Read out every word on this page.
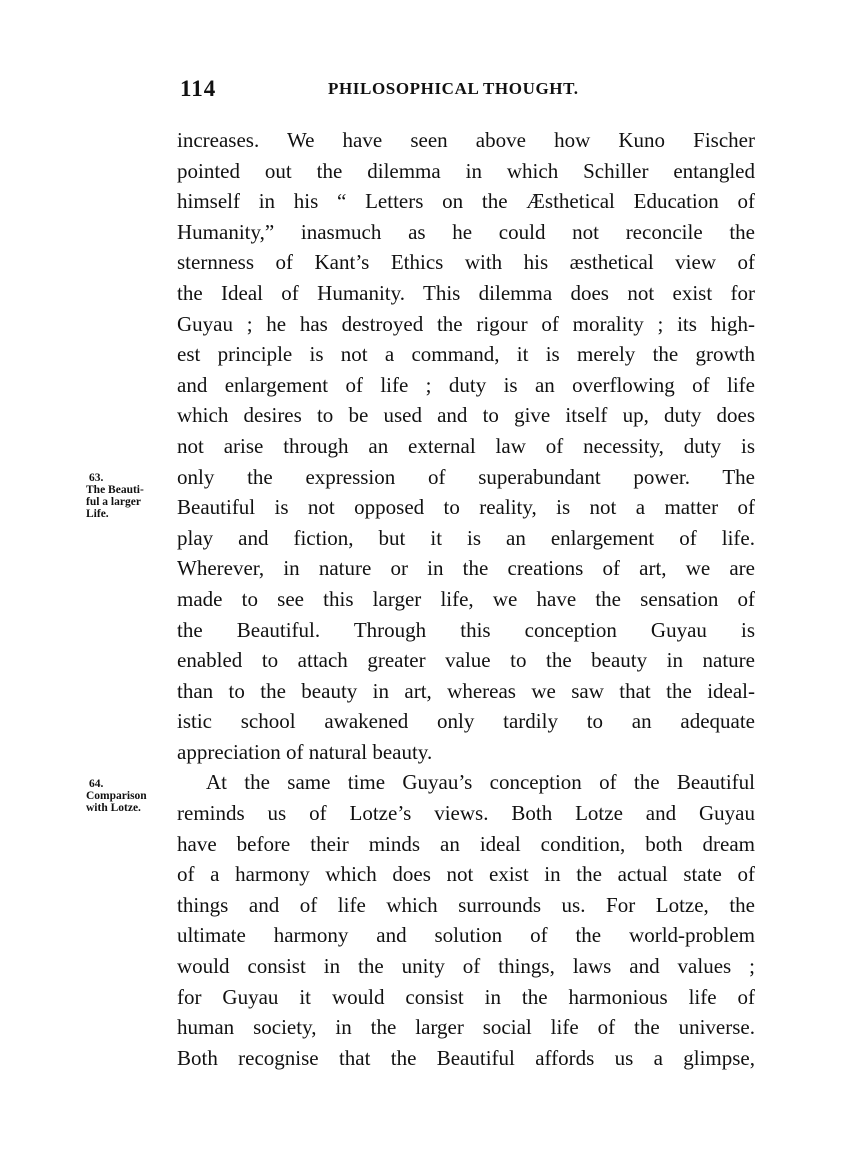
114	PHILOSOPHICAL THOUGHT.
63.
The Beauti-
ful a larger
Life.
64.
Comparison
with Lotze.
increases. We have seen above how Kuno Fischer
pointed out the dilemma in which Schiller entangled
himself in his “ Letters on the Æsthetical Education of
Humanity,” inasmuch as he could not reconcile the
sternness of Kant’s Ethics with his æsthetical view of
the Ideal of Humanity. This dilemma does not exist for
Guyau ; he has destroyed the rigour of morality ; its high-
est principle is not a command, it is merely the growth
and enlargement of life ; duty is an overflowing of life
which desires to be used and to give itself up, duty does
not arise through an external law of necessity, duty is
only the expression of superabundant power. The
Beautiful is not opposed to reality, is not a matter of
play and fiction, but it is an enlargement of life.
Wherever, in nature or in the creations of art, we are
made to see this larger life, we have the sensation of
the Beautiful. Through this conception Guyau is
enabled to attach greater value to the beauty in nature
than to the beauty in art, whereas we saw that the ideal-
istic school awakened only tardily to an adequate
appreciation of natural beauty.
At the same time Guyau’s conception of the Beautiful
reminds us of Lotze’s views. Both Lotze and Guyau
have before their minds an ideal condition, both dream
of a harmony which does not exist in the actual state of
things and of life which surrounds us. For Lotze, the
ultimate harmony and solution of the world-problem
would consist in the unity of things, laws and values ;
for Guyau it would consist in the harmonious life of
human society, in the larger social life of the universe.
Both recognise that the Beautiful affords us a glimpse,
